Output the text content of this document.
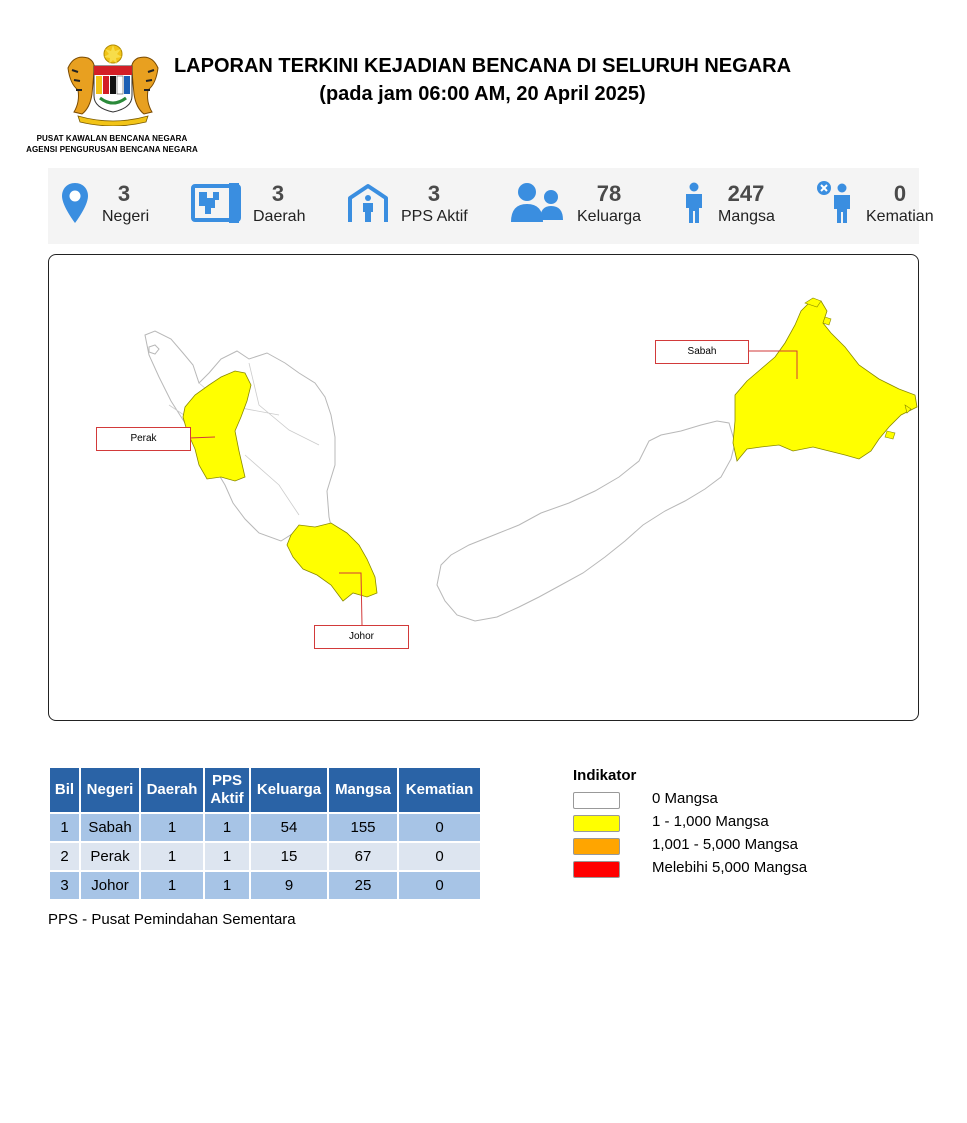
PUSAT KAWALAN BENCANA NEGARA
AGENSI PENGURUSAN BENCANA NEGARA
LAPORAN TERKINI KEJADIAN BENCANA DI SELURUH NEGARA
(pada jam 06:00 AM, 20 April 2025)
3
Negeri
3
Daerah
3
PPS Aktif
78
Keluarga
247
Mangsa
0
Kematian
Perak
Johor
Sabah
Bil	Negeri	Daerah	PPS Aktif	Keluarga	Mangsa	Kematian
1	Sabah	1	1	54	155	0
2	Perak	1	1	15	67	0
3	Johor	1	1	9	25	0
PPS - Pusat Pemindahan Sementara
Indikator
0 Mangsa
1 - 1,000 Mangsa
1,001 - 5,000 Mangsa
Melebihi 5,000 Mangsa
